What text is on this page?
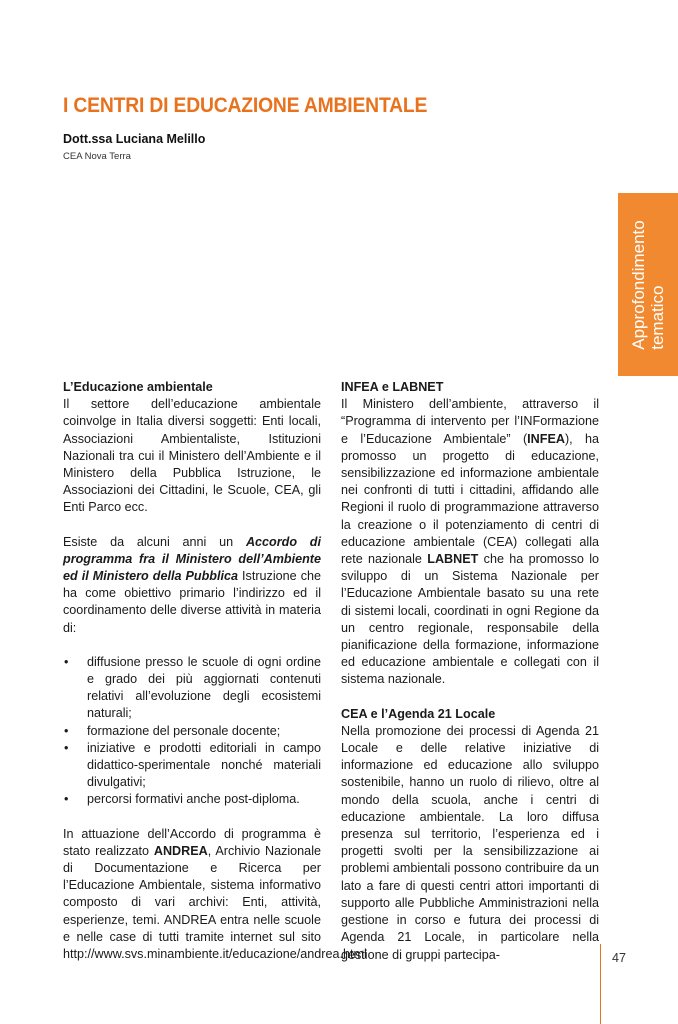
I CENTRI DI EDUCAZIONE AMBIENTALE
Dott.ssa Luciana Melillo
CEA Nova Terra
Approfondimento tematico
L’Educazione ambientale

Il settore dell’educazione ambientale coinvolge in Italia diversi soggetti: Enti locali, Associazioni Ambientaliste, Istituzioni Nazionali tra cui il Ministero dell’Ambiente e il Ministero della Pubblica Istruzione, le Associazioni dei Cittadini, le Scuole, CEA, gli Enti Parco ecc.

Esiste da alcuni anni un Accordo di programma fra il Ministero dell’Ambiente ed il Ministero della Pubblica Istruzione che ha come obiettivo primario l’indirizzo ed il coordinamento delle diverse attività in materia di:

• diffusione presso le scuole di ogni ordine e grado dei più aggiornati contenuti relativi all’evoluzione degli ecosistemi naturali;
• formazione del personale docente;
• iniziative e prodotti editoriali in campo didattico-sperimentale nonché materiali divulgativi;
• percorsi formativi anche post-diploma.

In attuazione dell’Accordo di programma è stato realizzato ANDREA, Archivio Nazionale di Documentazione e Ricerca per l’Educazione Ambientale, sistema informativo composto di vari archivi: Enti, attività, esperienze, temi. ANDREA entra nelle scuole e nelle case di tutti tramite internet sul sito http://www.svs.minambiente.it/educazione/andrea.html

INFEA e LABNET

Il Ministero dell’ambiente, attraverso il “Programma di intervento per l’INFormazione e l’Educazione Ambientale” (INFEA), ha promosso un progetto di educazione, sensibilizzazione ed informazione ambientale nei confronti di tutti i cittadini, affidando alle Regioni il ruolo di programmazione attraverso la creazione o il potenziamento di centri di educazione ambientale (CEA) collegati alla rete nazionale LABNET che ha promosso lo sviluppo di un Sistema Nazionale per l’Educazione Ambientale basato su una rete di sistemi locali, coordinati in ogni Regione da un centro regionale, responsabile della pianificazione della formazione, informazione ed educazione ambientale e collegati con il sistema nazionale.

CEA e l’Agenda 21 Locale

Nella promozione dei processi di Agenda 21 Locale e delle relative iniziative di informazione ed educazione allo sviluppo sostenibile, hanno un ruolo di rilievo, oltre al mondo della scuola, anche i centri di educazione ambientale. La loro diffusa presenza sul territorio, l’esperienza ed i progetti svolti per la sensibilizzazione ai problemi ambientali possono contribuire da un lato a fare di questi centri attori importanti di supporto alle Pubbliche Amministrazioni nella gestione in corso e futura dei processi di Agenda 21 Locale, in particolare nella gestione di gruppi partecipa-	47
